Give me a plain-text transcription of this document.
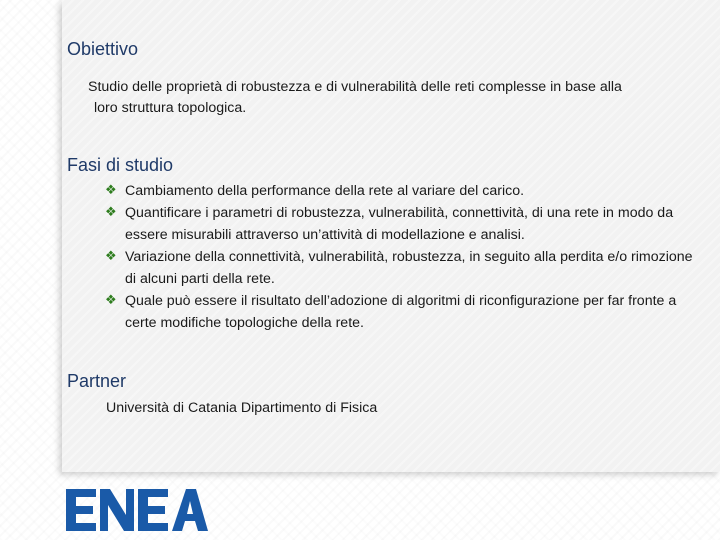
Obiettivo

Studio delle proprietà di robustezza e di vulnerabilità delle reti complesse in base alla
loro struttura topologica.

Fasi di studio
❖ Cambiamento della performance della rete al variare del carico.
❖ Quantificare i parametri di robustezza, vulnerabilità, connettività, di una rete in modo da essere misurabili attraverso un’attività di modellazione e analisi.
❖ Variazione della connettività, vulnerabilità, robustezza, in seguito alla perdita e/o rimozione di alcuni parti della rete.
❖ Quale può essere il risultato dell’adozione di algoritmi di riconfigurazione per far fronte a certe modifiche topologiche della rete.
Partner

Università di Catania Dipartimento di Fisica
